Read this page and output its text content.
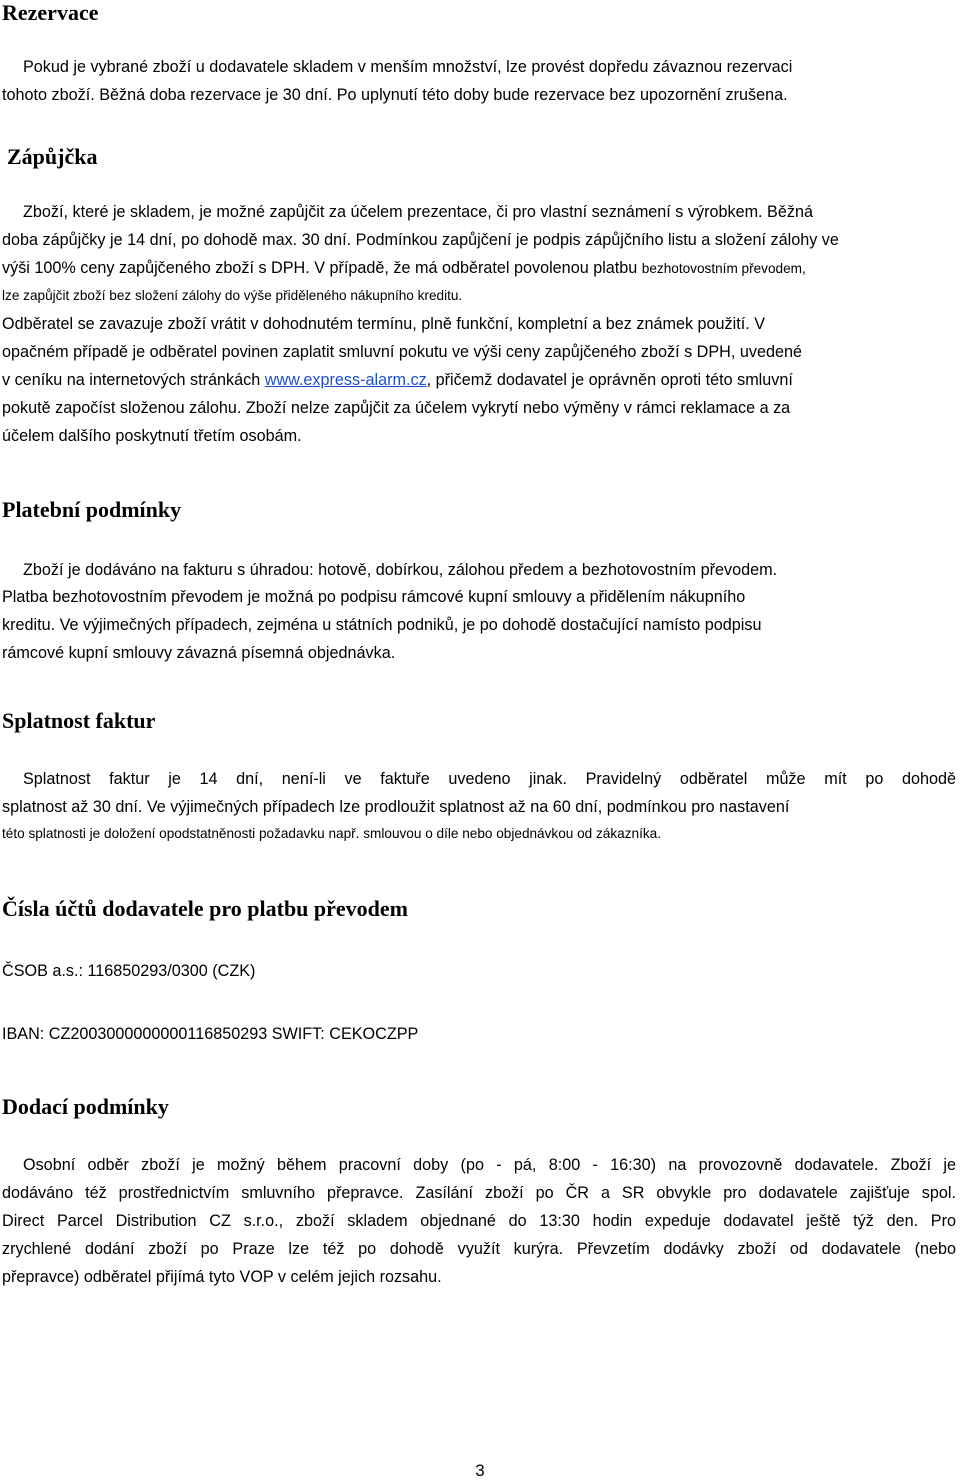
Rezervace

Pokud je vybrané zboží u dodavatele skladem v menším množství, lze provést dopředu závaznou rezervaci

tohoto zboží. Běžná doba rezervace je 30 dní. Po uplynutí této doby bude rezervace bez upozornění zrušena.

Zápůjčka

Zboží, které je skladem, je možné zapůjčit za účelem prezentace, či pro vlastní seznámení s výrobkem. Běžná

doba zápůjčky je 14 dní, po dohodě max. 30 dní. Podmínkou zapůjčení je podpis zápůjčního listu a složení zálohy ve

výši 100% ceny zapůjčeného zboží s DPH. V případě, že má odběratel povolenou platbu bezhotovostním převodem,

lze zapůjčit zboží bez složení zálohy do výše přiděleného nákupního kreditu.

Odběratel se zavazuje zboží vrátit v dohodnutém termínu, plně funkční, kompletní a bez známek použití. V

opačném případě je odběratel povinen zaplatit smluvní pokutu ve výši ceny zapůjčeného zboží s DPH, uvedené

v ceníku na internetových stránkách www.express-alarm.cz, přičemž dodavatel je oprávněn oproti této smluvní

pokutě započíst složenou zálohu. Zboží nelze zapůjčit za účelem vykrytí nebo výměny v rámci reklamace a za

účelem dalšího poskytnutí třetím osobám.

Platební podmínky

Zboží je dodáváno na fakturu s úhradou: hotově, dobírkou, zálohou předem a bezhotovostním převodem.

Platba bezhotovostním převodem je možná po podpisu rámcové kupní smlouvy a přidělením nákupního

kreditu. Ve výjimečných případech, zejména u státních podniků, je po dohodě dostačující namísto podpisu

rámcové kupní smlouvy závazná písemná objednávka.

Splatnost faktur

Splatnost faktur je 14 dní, není-li ve faktuře uvedeno jinak. Pravidelný odběratel může mít po dohodě

splatnost až 30 dní. Ve výjimečných případech lze prodloužit splatnost až na 60 dní, podmínkou pro nastavení

této splatnosti je doložení opodstatněnosti požadavku např. smlouvou o díle nebo objednávkou od zákazníka.

Čísla účtů dodavatele pro platbu převodem

ČSOB a.s.: 116850293/0300 (CZK)

IBAN: CZ2003000000000116850293 SWIFT: CEKOCZPP

Dodací podmínky

Osobní odběr zboží je možný během pracovní doby (po - pá, 8:00 - 16:30) na provozovně dodavatele. Zboží je

dodáváno též prostřednictvím smluvního přepravce. Zasílání zboží po ČR a SR obvykle pro dodavatele zajišťuje spol.

Direct Parcel Distribution CZ s.r.o., zboží skladem objednané do 13:30 hodin expeduje dodavatel ještě týž den. Pro

zrychlené dodání zboží po Praze lze též po dohodě využít kurýra. Převzetím dodávky zboží od dodavatele (nebo

přepravce) odběratel přijímá tyto VOP v celém jejich rozsahu.

3
